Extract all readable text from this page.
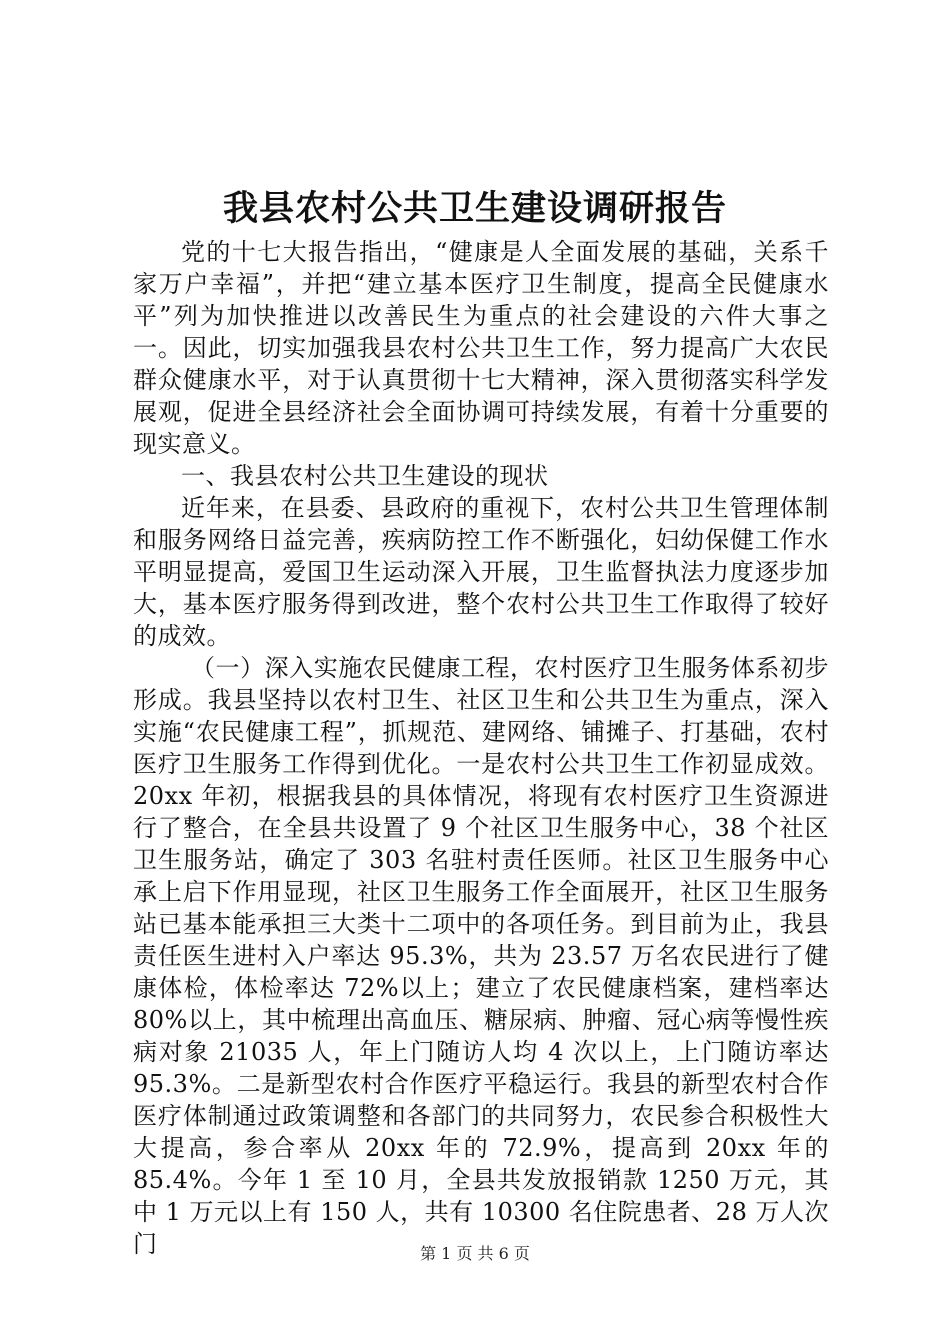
我县农村公共卫生建设调研报告

党的十七大报告指出，“健康是人全面发展的基础，关系千家万户幸福”，并把“建立基本医疗卫生制度，提高全民健康水平”列为加快推进以改善民生为重点的社会建设的六件大事之一。因此，切实加强我县农村公共卫生工作，努力提高广大农民群众健康水平，对于认真贯彻十七大精神，深入贯彻落实科学发展观，促进全县经济社会全面协调可持续发展，有着十分重要的现实意义。

一、我县农村公共卫生建设的现状

近年来，在县委、县政府的重视下，农村公共卫生管理体制和服务网络日益完善，疾病防控工作不断强化，妇幼保健工作水平明显提高，爱国卫生运动深入开展，卫生监督执法力度逐步加大，基本医疗服务得到改进，整个农村公共卫生工作取得了较好的成效。

（一）深入实施农民健康工程，农村医疗卫生服务体系初步形成。我县坚持以农村卫生、社区卫生和公共卫生为重点，深入实施“农民健康工程”，抓规范、建网络、铺摊子、打基础，农村医疗卫生服务工作得到优化。一是农村公共卫生工作初显成效。20xx 年初，根据我县的具体情况，将现有农村医疗卫生资源进行了整合，在全县共设置了 9 个社区卫生服务中心，38 个社区卫生服务站，确定了 303 名驻村责任医师。社区卫生服务中心承上启下作用显现，社区卫生服务工作全面展开，社区卫生服务站已基本能承担三大类十二项中的各项任务。到目前为止，我县责任医生进村入户率达 95.3%，共为 23.57 万名农民进行了健康体检，体检率达 72%以上；建立了农民健康档案，建档率达 80%以上，其中梳理出高血压、糖尿病、肿瘤、冠心病等慢性疾病对象 21035 人，年上门随访人均 4 次以上，上门随访率达 95.3%。二是新型农村合作医疗平稳运行。我县的新型农村合作医疗体制通过政策调整和各部门的共同努力，农民参合积极性大大提高，参合率从 20xx 年的 72.9%，提高到 20xx 年的 85.4%。今年 1 至 10 月，全县共发放报销款 1250 万元，其中 1 万元以上有 150 人，共有 10300 名住院患者、28 万人次门	第 1 页 共 6 页
